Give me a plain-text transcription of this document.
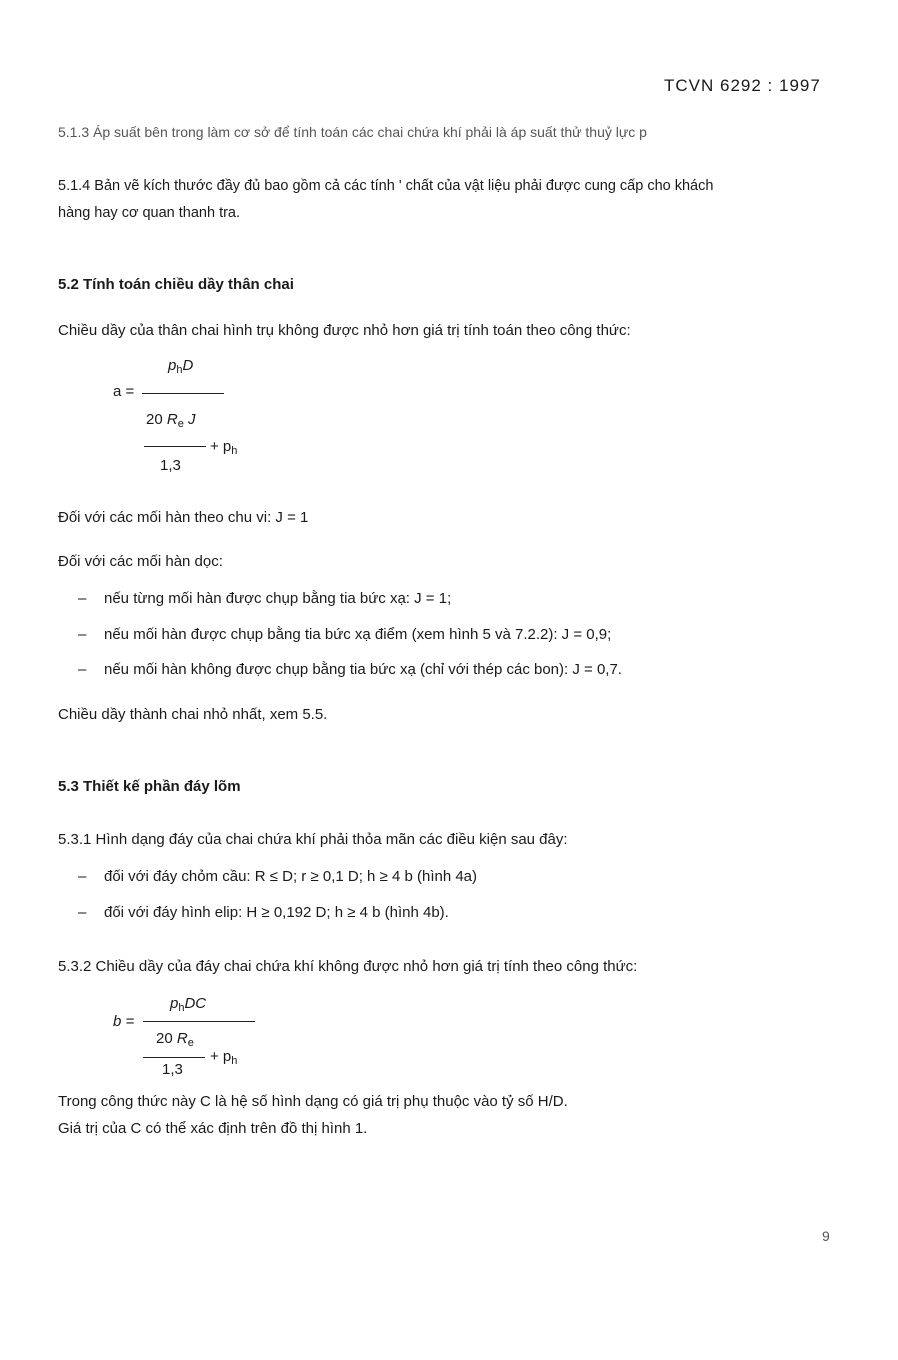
TCVN 6292 : 1997
5.1.3 Áp suất bên trong làm cơ sở để tính toán các chai chứa khí phải là áp suất thử thuỷ lực p
5.1.4 Bản vẽ kích thước đầy đủ bao gồm cả các tính ' chất của vật liệu phải được cung cấp cho khách
hàng hay cơ quan thanh tra.
5.2 Tính toán chiều dầy thân chai
Chiều dầy của thân chai hình trụ không được nhỏ hơn giá trị tính toán theo công thức:
a =
$p_hD$
20 $R_e$ J
+ $p_h$
1,3
Đối với các mối hàn theo chu vi: J = 1
Đối với các mối hàn dọc:
– nếu từng mối hàn được chụp bằng tia bức xạ: J = 1;
– nếu mối hàn được chụp bằng tia bức xạ điểm (xem hình 5 và 7.2.2): J = 0,9;
– nếu mối hàn không được chụp bằng tia bức xạ (chỉ với thép các bon): J = 0,7.
Chiều dầy thành chai nhỏ nhất, xem 5.5.
5.3 Thiết kế phần đáy lõm
5.3.1 Hình dạng đáy của chai chứa khí phải thỏa mãn các điều kiện sau đây:
– đối với đáy chỏm cầu: R ≤ D; r ≥ 0,1 D; h ≥ 4 b (hình 4a)
– đối với đáy hình elip: H ≥ 0,192 D; h ≥ 4 b (hình 4b).
5.3.2 Chiều dầy của đáy chai chứa khí không được nhỏ hơn giá trị tính theo công thức:
b =
$p_hDC$
20 $R_e$
+ $p_h$
1,3
Trong công thức này C là hệ số hình dạng có giá trị phụ thuộc vào tỷ số H/D.
Giá trị của C có thể xác định trên đồ thị hình 1.
9
